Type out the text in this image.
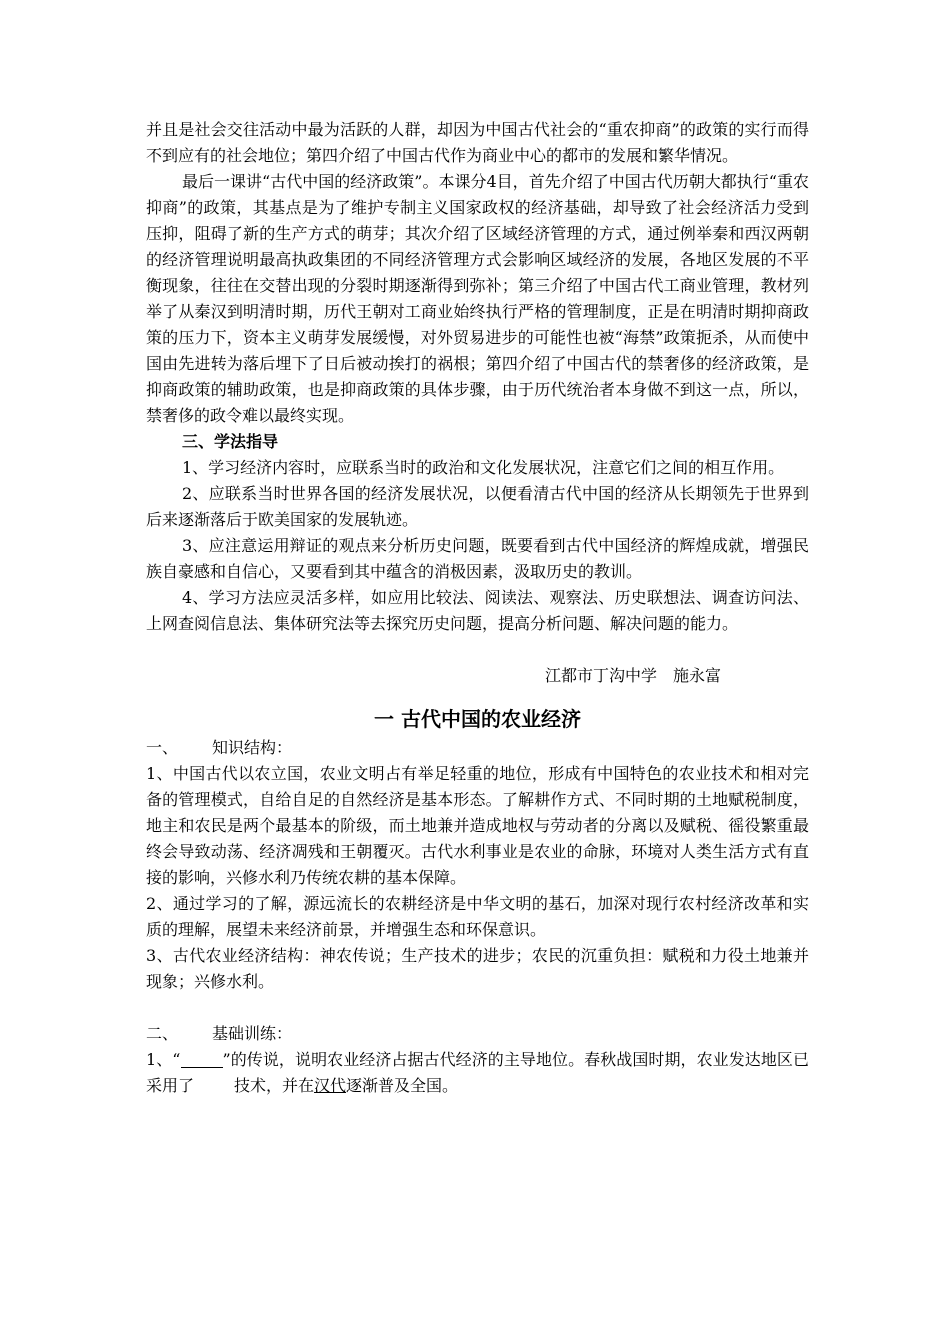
并且是社会交往活动中最为活跃的人群，却因为中国古代社会的“重农抑商”的政策的实行而得不到应有的社会地位；第四介绍了中国古代作为商业中心的都市的发展和繁华情况。

最后一课讲“古代中国的经济政策”。本课分4目，首先介绍了中国古代历朝大都执行“重农抑商”的政策，其基点是为了维护专制主义国家政权的经济基础，却导致了社会经济活力受到压抑，阻碍了新的生产方式的萌芽；其次介绍了区域经济管理的方式，通过例举秦和西汉两朝的经济管理说明最高执政集团的不同经济管理方式会影响区域经济的发展，各地区发展的不平衡现象，往往在交替出现的分裂时期逐渐得到弥补；第三介绍了中国古代工商业管理，教材列举了从秦汉到明清时期，历代王朝对工商业始终执行严格的管理制度，正是在明清时期抑商政策的压力下，资本主义萌芽发展缓慢，对外贸易进步的可能性也被“海禁”政策扼杀，从而使中国由先进转为落后埋下了日后被动挨打的祸根；第四介绍了中国古代的禁奢侈的经济政策，是抑商政策的辅助政策，也是抑商政策的具体步骤，由于历代统治者本身做不到这一点，所以，禁奢侈的政令难以最终实现。

三、学法指导

1、学习经济内容时，应联系当时的政治和文化发展状况，注意它们之间的相互作用。

2、应联系当时世界各国的经济发展状况，以便看清古代中国的经济从长期领先于世界到后来逐渐落后于欧美国家的发展轨迹。

3、应注意运用辩证的观点来分析历史问题，既要看到古代中国经济的辉煌成就，增强民族自豪感和自信心，又要看到其中蕴含的消极因素，汲取历史的教训。

4、学习方法应灵活多样，如应用比较法、阅读法、观察法、历史联想法、调查访问法、上网查阅信息法、集体研究法等去探究历史问题，提高分析问题、解决问题的能力。

江都市丁沟中学　施永富

一 古代中国的农业经济

一、 知识结构：

1、中国古代以农立国，农业文明占有举足轻重的地位，形成有中国特色的农业技术和相对完备的管理模式，自给自足的自然经济是基本形态。了解耕作方式、不同时期的土地赋税制度，地主和农民是两个最基本的阶级，而土地兼并造成地权与劳动者的分离以及赋税、徭役繁重最终会导致动荡、经济凋残和王朝覆灭。古代水利事业是农业的命脉，环境对人类生活方式有直接的影响，兴修水利乃传统农耕的基本保障。

2、通过学习的了解，源远流长的农耕经济是中华文明的基石，加深对现行农村经济改革和实质的理解，展望未来经济前景，并增强生态和环保意识。

3、古代农业经济结构：神农传说；生产技术的进步；农民的沉重负担：赋税和力役土地兼并现象；兴修水利。

二、 基础训练：

1、“	”的传说，说明农业经济占据古代经济的主导地位。春秋战国时期，农业发达地区已采用了	技术，并在汉代逐渐普及全国。
